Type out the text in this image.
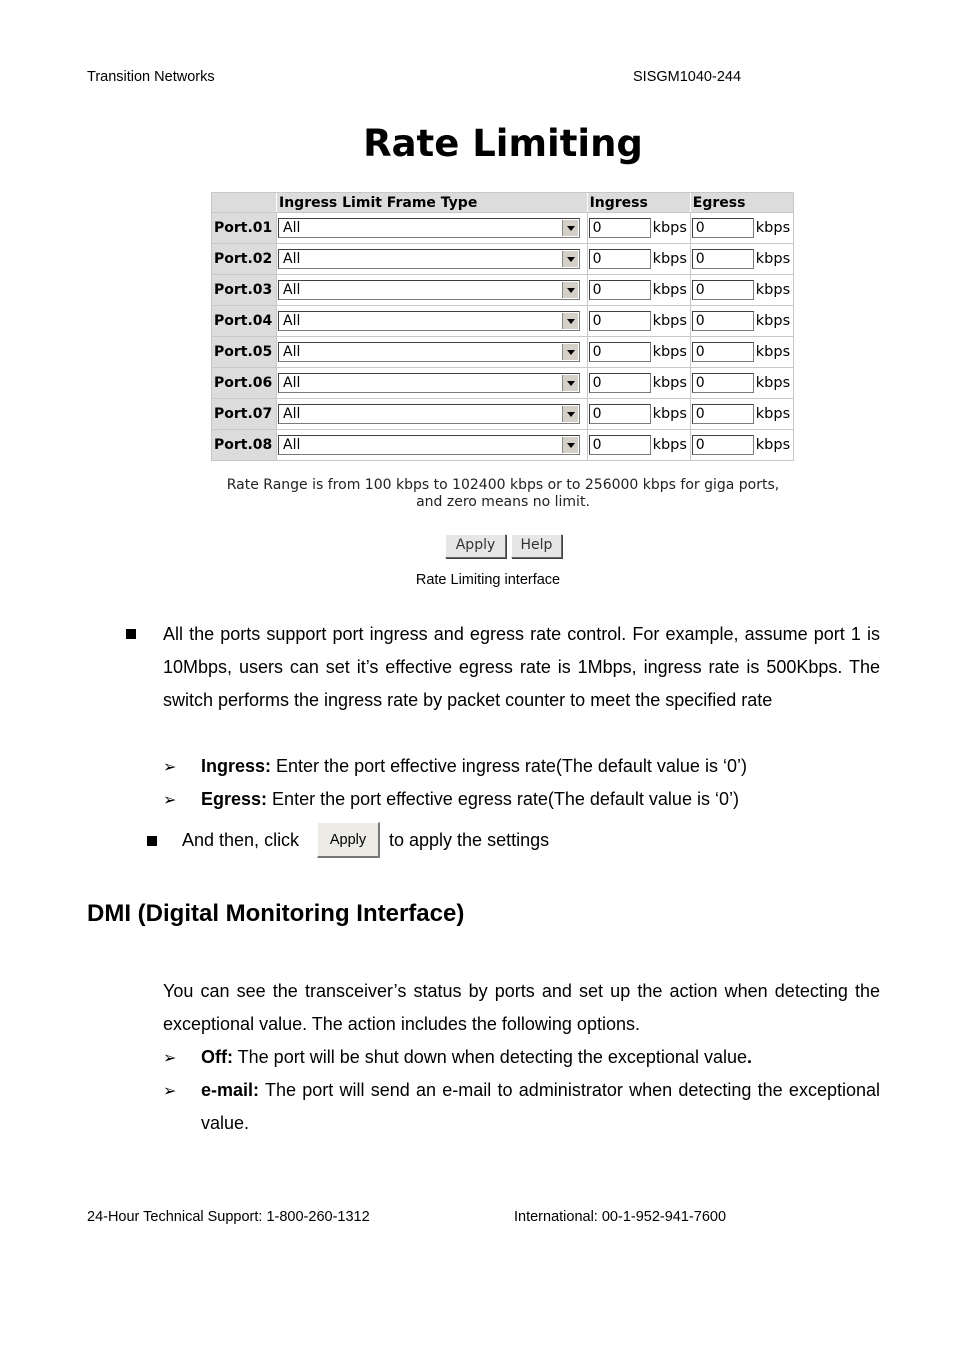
Transition Networks	SISGM1040-244
Rate Limiting
	Ingress Limit Frame Type	Ingress	Egress
Port.01	All	0 kbps	0 kbps
Port.02	All	0 kbps	0 kbps
Port.03	All	0 kbps	0 kbps
Port.04	All	0 kbps	0 kbps
Port.05	All	0 kbps	0 kbps
Port.06	All	0 kbps	0 kbps
Port.07	All	0 kbps	0 kbps
Port.08	All	0 kbps	0 kbps
Rate Range is from 100 kbps to 102400 kbps or to 256000 kbps for giga ports,
and zero means no limit.
Apply	Help
Rate Limiting interface
All the ports support port ingress and egress rate control. For example, assume port 1 is 10Mbps, users can set it’s effective egress rate is 1Mbps, ingress rate is 500Kbps. The switch performs the ingress rate by packet counter to meet the specified rate
➢ Ingress: Enter the port effective ingress rate(The default value is ‘0’)
➢ Egress: Enter the port effective egress rate(The default value is ‘0’)
And then, click	Apply	to apply the settings
DMI (Digital Monitoring Interface)
You can see the transceiver’s status by ports and set up the action when detecting the exceptional value. The action includes the following options.
➢ Off: The port will be shut down when detecting the exceptional value.
➢ e-mail: The port will send an e-mail to administrator when detecting the exceptional value.
24-Hour Technical Support: 1-800-260-1312	International: 00-1-952-941-7600
